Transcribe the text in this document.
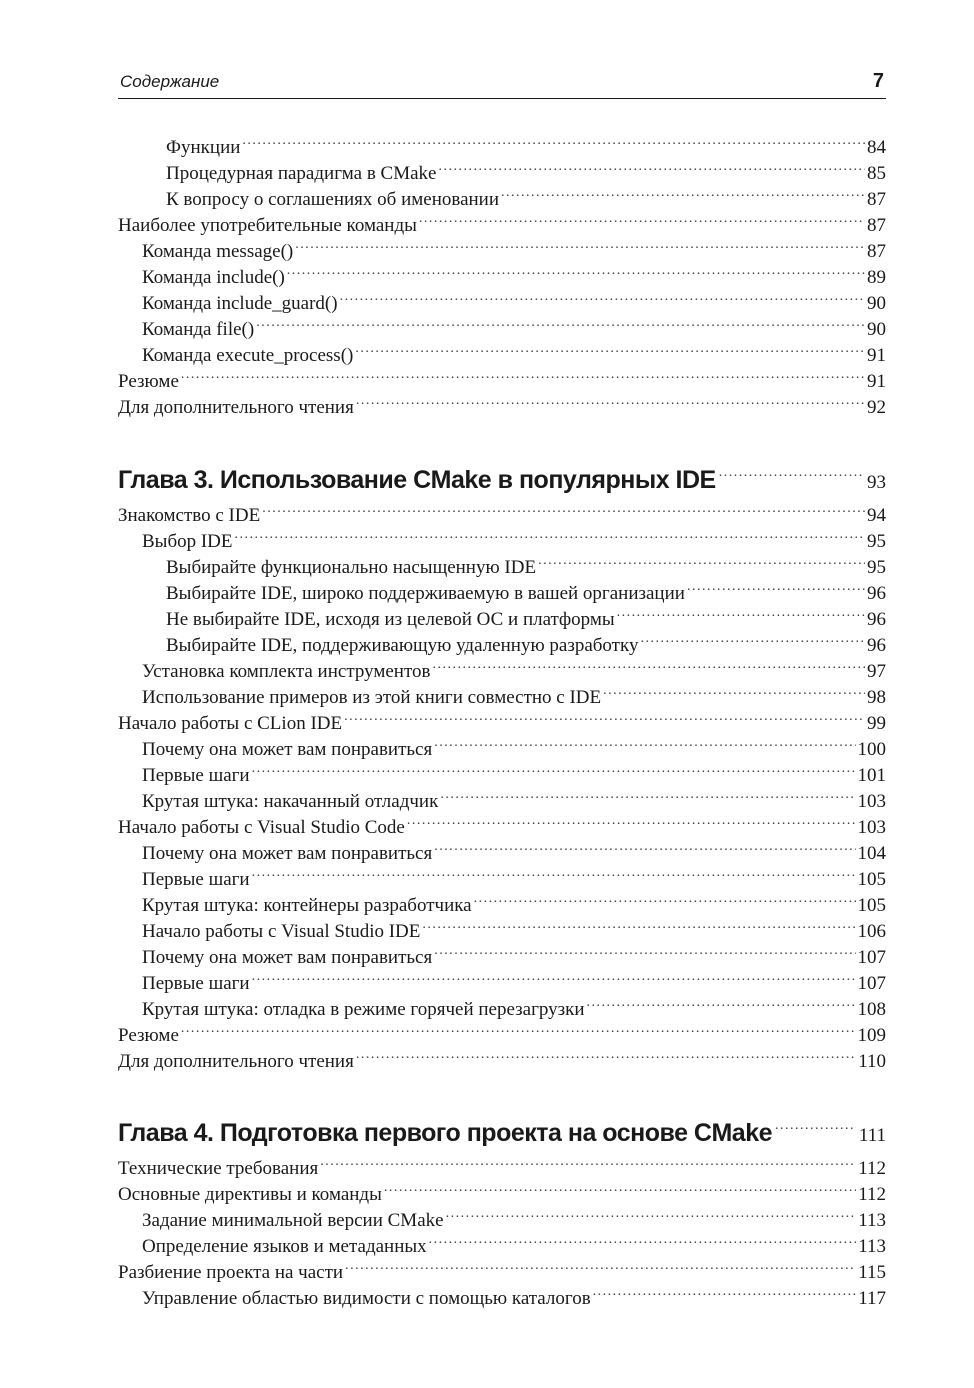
Содержание	7
Функции .....	84
Процедурная парадигма в CMake .....	85
К вопросу о соглашениях об именовании .....	87
Наиболее употребительные команды .....	87
Команда message() .....	87
Команда include() .....	89
Команда include_guard() .....	90
Команда file() .....	90
Команда execute_process() .....	91
Резюме .....	91
Для дополнительного чтения .....	92
Глава 3. Использование CMake в популярных IDE .....	93
Знакомство с IDE .....	94
Выбор IDE .....	95
Выбирайте функционально насыщенную IDE .....	95
Выбирайте IDE, широко поддерживаемую в вашей организации .....	96
Не выбирайте IDE, исходя из целевой ОС и платформы .....	96
Выбирайте IDE, поддерживающую удаленную разработку .....	96
Установка комплекта инструментов .....	97
Использование примеров из этой книги совместно с IDE .....	98
Начало работы с CLion IDE .....	99
Почему она может вам понравиться .....	100
Первые шаги .....	101
Крутая штука: накачанный отладчик .....	103
Начало работы с Visual Studio Code .....	103
Почему она может вам понравиться .....	104
Первые шаги .....	105
Крутая штука: контейнеры разработчика .....	105
Начало работы с Visual Studio IDE .....	106
Почему она может вам понравиться .....	107
Первые шаги .....	107
Крутая штука: отладка в режиме горячей перезагрузки .....	108
Резюме .....	109
Для дополнительного чтения .....	110
Глава 4. Подготовка первого проекта на основе CMake .....	111
Технические требования .....	112
Основные директивы и команды .....	112
Задание минимальной версии CMake .....	113
Определение языков и метаданных .....	113
Разбиение проекта на части .....	115
Управление областью видимости с помощью каталогов .....	117
